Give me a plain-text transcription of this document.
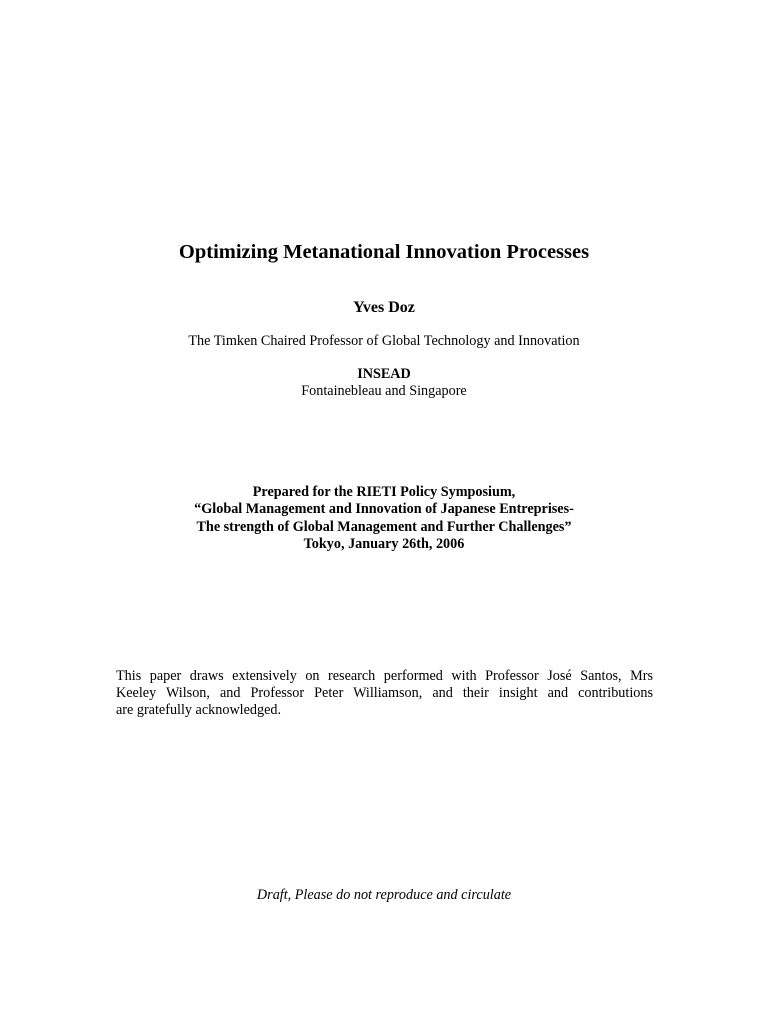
Optimizing Metanational Innovation Processes
Yves Doz
The Timken Chaired Professor of Global Technology and Innovation
INSEAD
Fontainebleau and Singapore
Prepared for the RIETI Policy Symposium,
“Global Management and Innovation of Japanese Entreprises-
The strength of Global Management and Further Challenges”
Tokyo, January 26th, 2006
This paper draws extensively on research performed with Professor José Santos, Mrs
Keeley Wilson, and Professor Peter Williamson, and their insight and contributions
are gratefully acknowledged.
Draft, Please do not reproduce and circulate
